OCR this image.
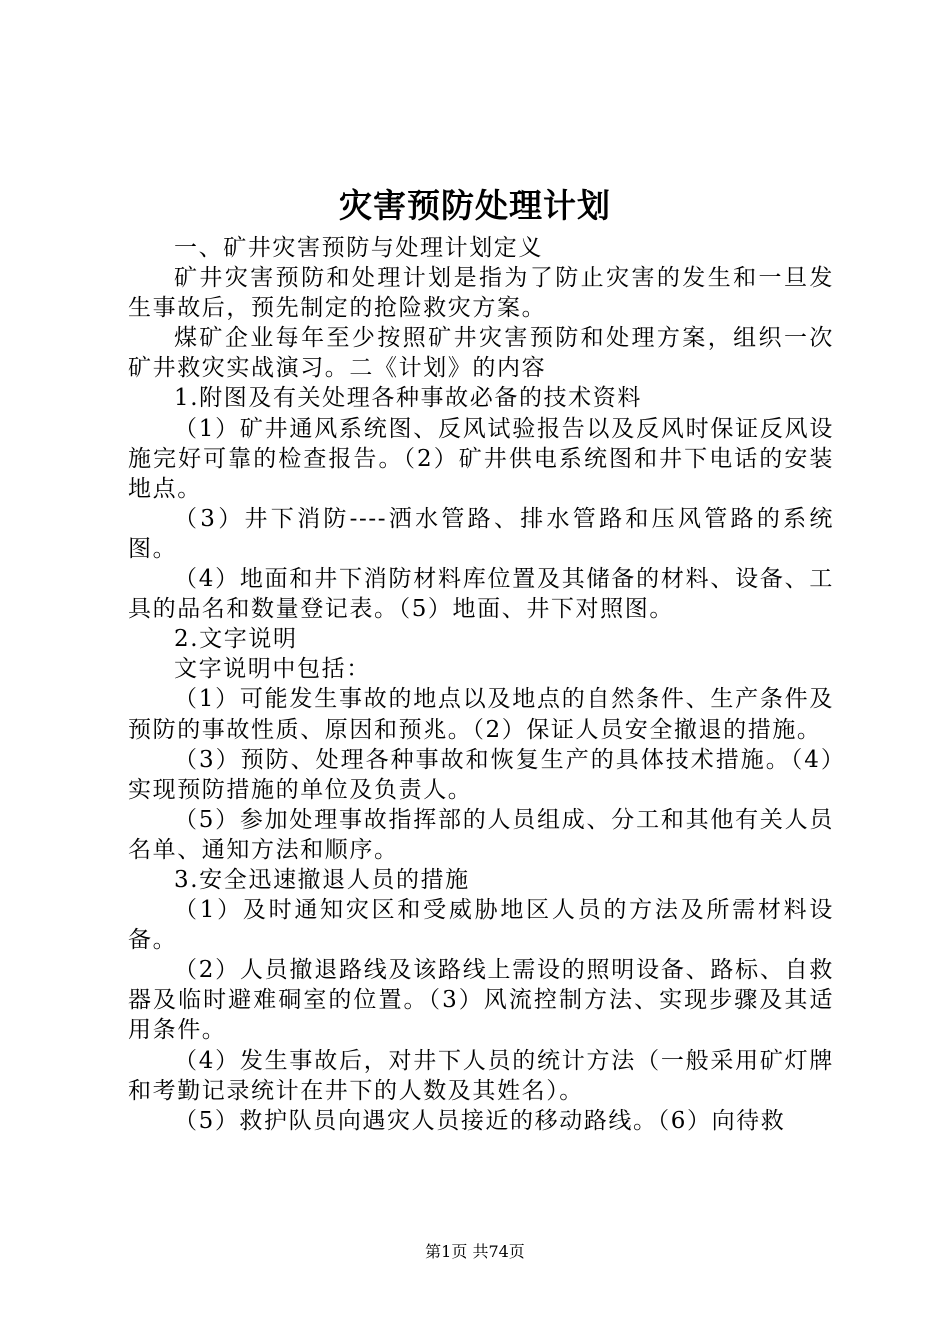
灾害预防处理计划

一、矿井灾害预防与处理计划定义

矿井灾害预防和处理计划是指为了防止灾害的发生和一旦发生事故后，预先制定的抢险救灾方案。

煤矿企业每年至少按照矿井灾害预防和处理方案，组织一次矿井救灾实战演习。二《计划》的内容

1.附图及有关处理各种事故必备的技术资料

（1）矿井通风系统图、反风试验报告以及反风时保证反风设施完好可靠的检查报告。（2）矿井供电系统图和井下电话的安装地点。

（3）井下消防----洒水管路、排水管路和压风管路的系统图。

（4）地面和井下消防材料库位置及其储备的材料、设备、工具的品名和数量登记表。（5）地面、井下对照图。

2.文字说明

文字说明中包括：

（1）可能发生事故的地点以及地点的自然条件、生产条件及预防的事故性质、原因和预兆。（2）保证人员安全撤退的措施。

（3）预防、处理各种事故和恢复生产的具体技术措施。（4）实现预防措施的单位及负责人。

（5）参加处理事故指挥部的人员组成、分工和其他有关人员名单、通知方法和顺序。

3.安全迅速撤退人员的措施

（1）及时通知灾区和受威胁地区人员的方法及所需材料设备。

（2）人员撤退路线及该路线上需设的照明设备、路标、自救器及临时避难硐室的位置。（3）风流控制方法、实现步骤及其适用条件。

（4）发生事故后，对井下人员的统计方法（一般采用矿灯牌和考勤记录统计在井下的人数及其姓名）。

（5）救护队员向遇灾人员接近的移动路线。（6）向待救

第1页 共74页
